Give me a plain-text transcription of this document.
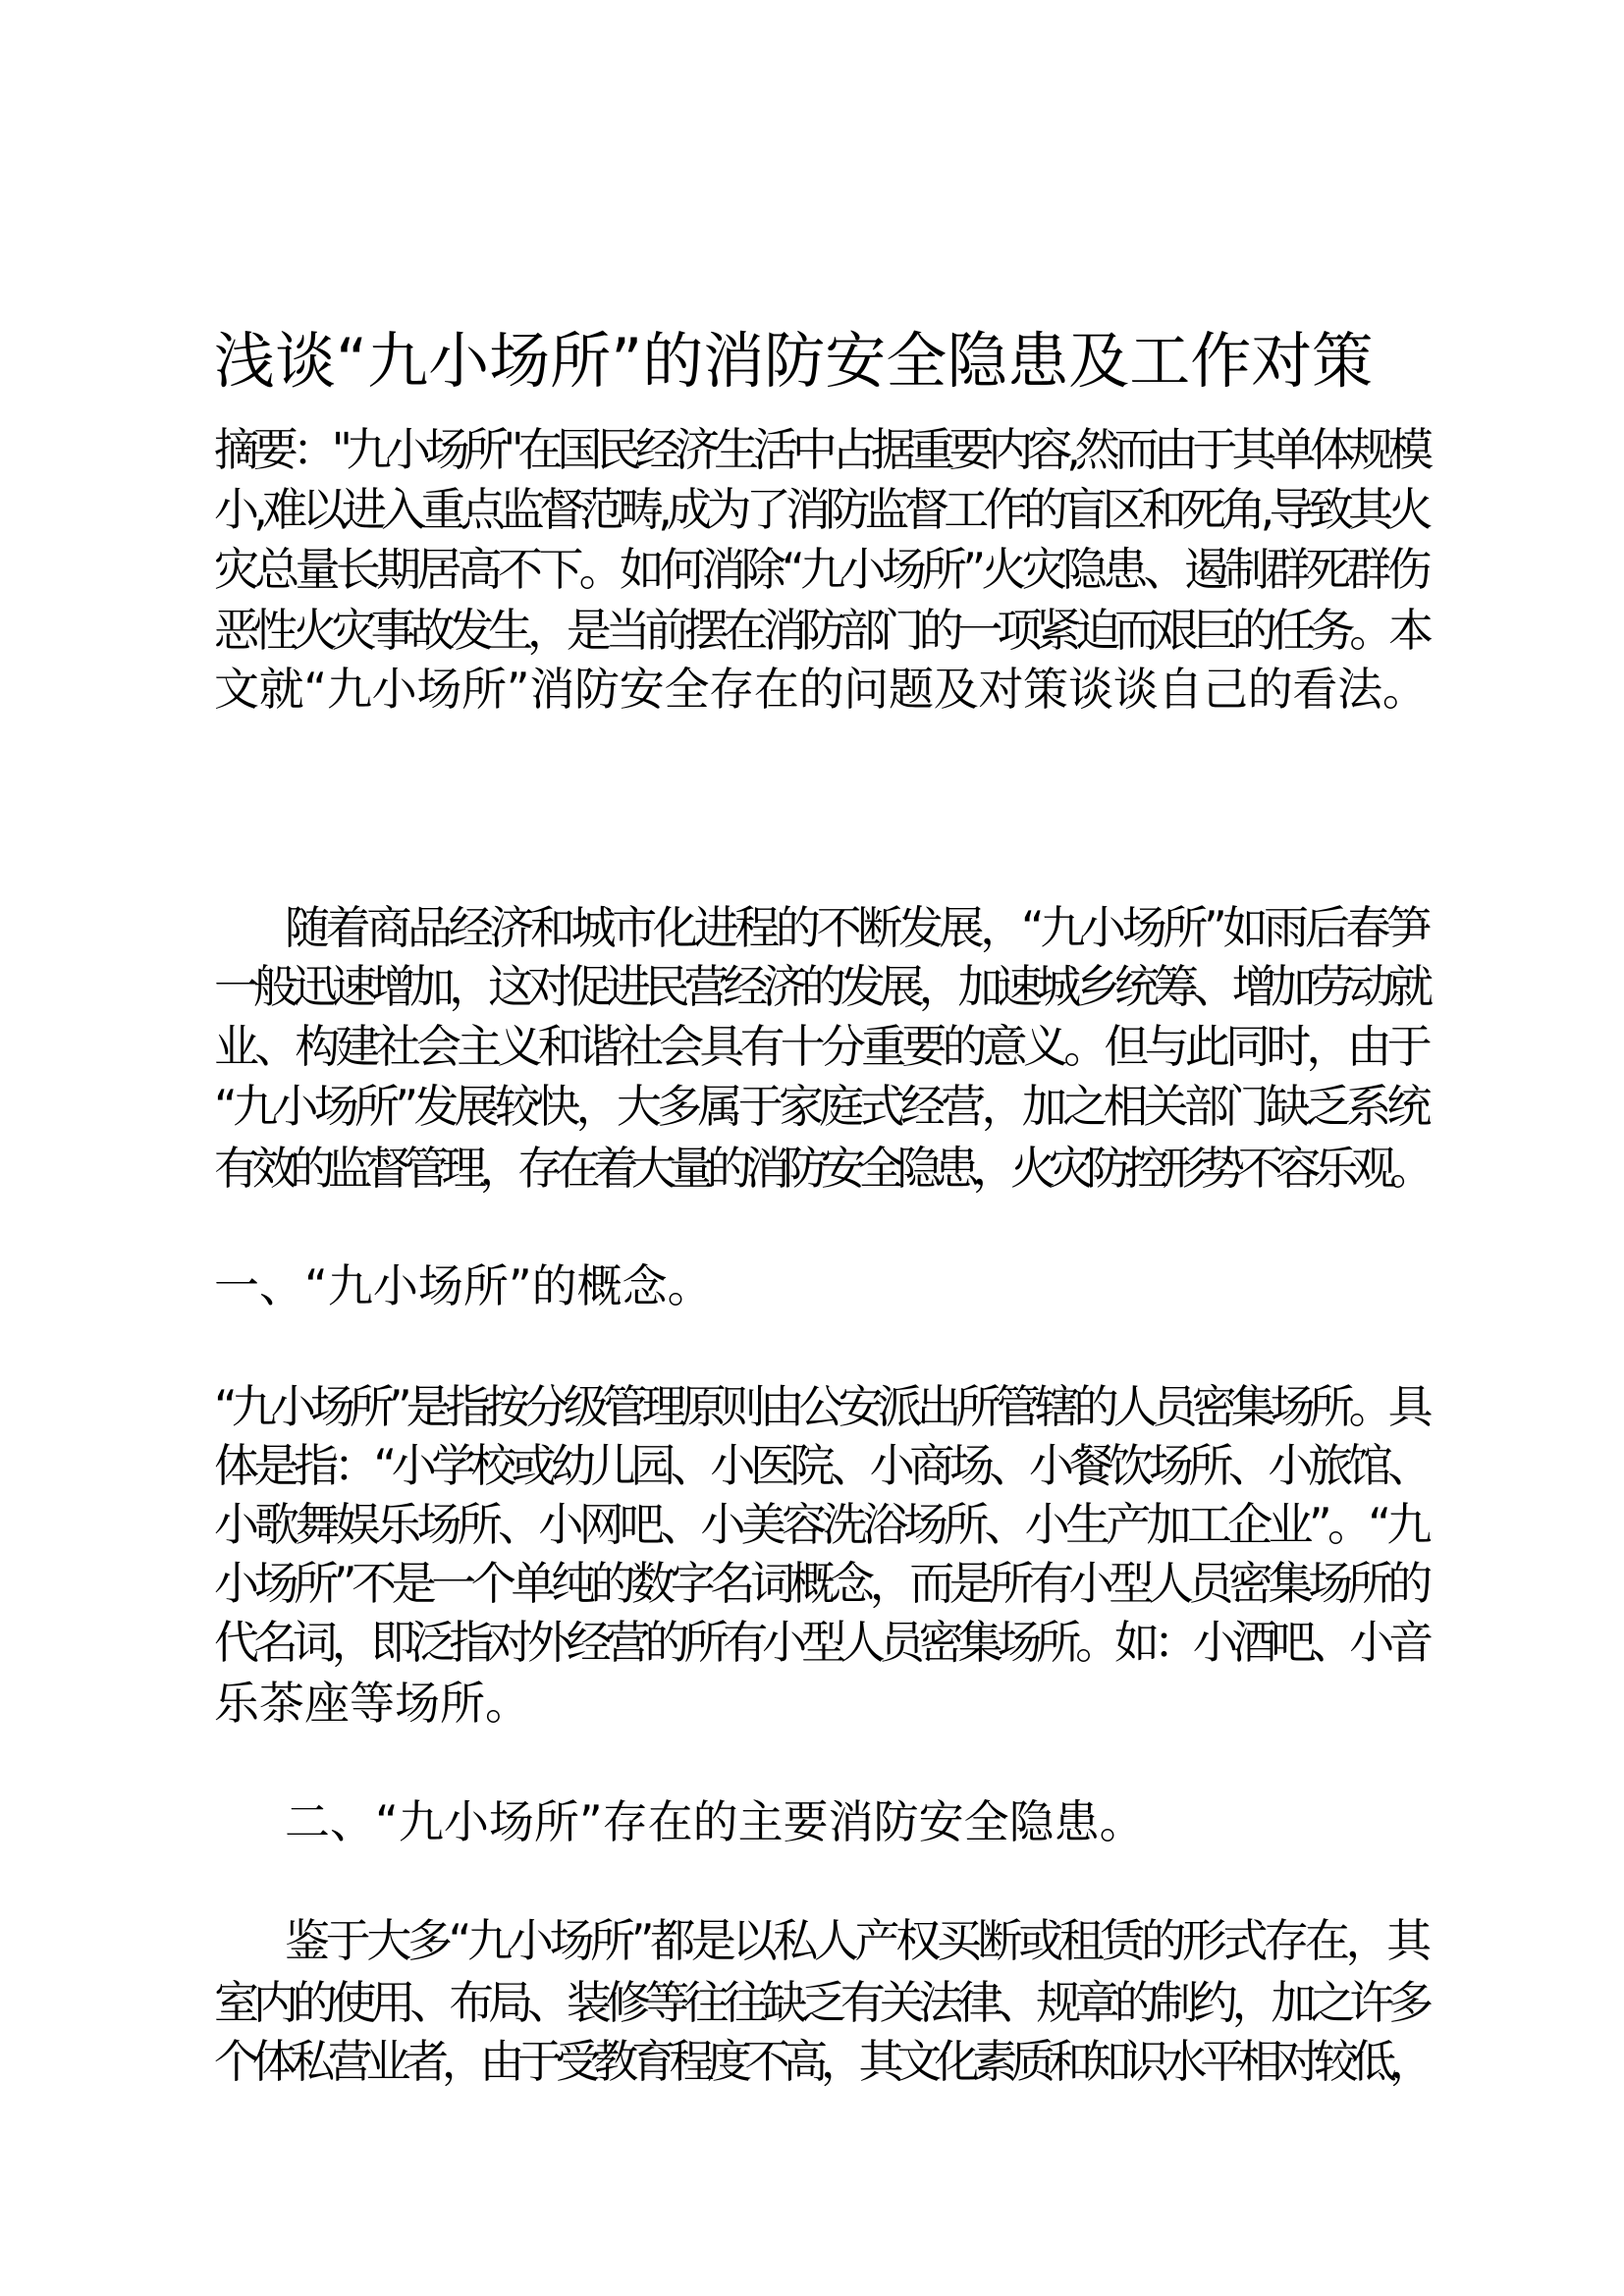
浅谈“九小场所”的消防安全隐患及工作对策
摘要："九小场所"在国民经济生活中占据重要内容,然而由于其单体规模
小,难以进入重点监督范畴,成为了消防监督工作的盲区和死角,导致其火
灾总量长期居高不下。如何消除“九小场所”火灾隐患、遏制群死群伤
恶性火灾事故发生，是当前摆在消防部门的一项紧迫而艰巨的任务。本
文就“九小场所”消防安全存在的问题及对策谈谈自己的看法。
随着商品经济和城市化进程的不断发展，“九小场所”如雨后春笋
一般迅速增加，这对促进民营经济的发展，加速城乡统筹、增加劳动就
业、构建社会主义和谐社会具有十分重要的意义。但与此同时，由于
“九小场所”发展较快，大多属于家庭式经营，加之相关部门缺乏系统
有效的监督管理，存在着大量的消防安全隐患，火灾防控形势不容乐观。
一、“九小场所”的概念。
“九小场所”是指按分级管理原则由公安派出所管辖的人员密集场所。具
体是指：“小学校或幼儿园、小医院、小商场、小餐饮场所、小旅馆、
小歌舞娱乐场所、小网吧、小美容洗浴场所、小生产加工企业”。“九
小场所”不是一个单纯的数字名词概念，而是所有小型人员密集场所的
代名词，即泛指对外经营的所有小型人员密集场所。如：小酒吧、小音
乐茶座等场所。
二、“九小场所”存在的主要消防安全隐患。
鉴于大多“九小场所”都是以私人产权买断或租赁的形式存在，其
室内的使用、布局、装修等往往缺乏有关法律、规章的制约，加之许多
个体私营业者，由于受教育程度不高，其文化素质和知识水平相对较低，
